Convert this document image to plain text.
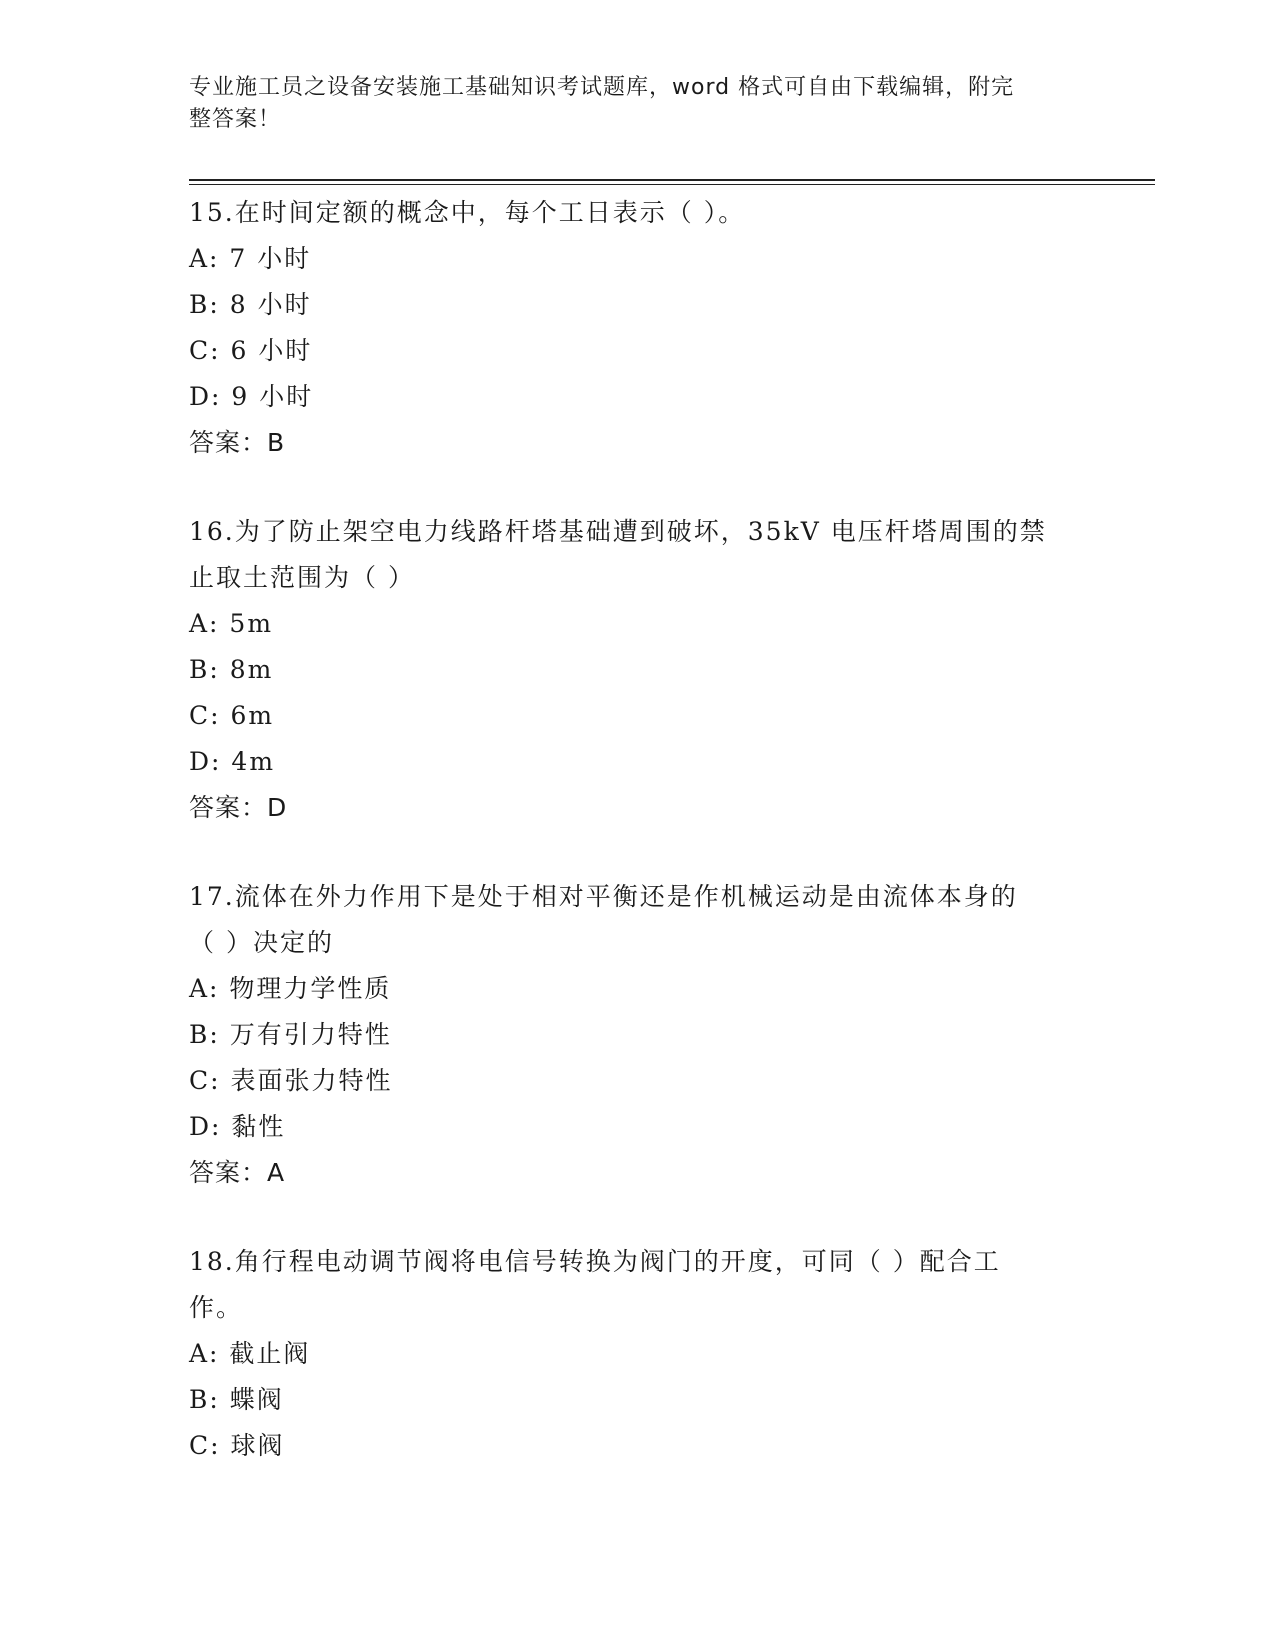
专业施工员之设备安装施工基础知识考试题库，word 格式可自由下载编辑，附完
整答案！
15.在时间定额的概念中，每个工日表示（ ）。
A: 7 小时
B: 8 小时
C: 6 小时
D: 9 小时
答案：B
16.为了防止架空电力线路杆塔基础遭到破坏，35kV 电压杆塔周围的禁
止取土范围为（ ）
A: 5m
B: 8m
C: 6m
D: 4m
答案：D
17.流体在外力作用下是处于相对平衡还是作机械运动是由流体本身的
（ ）决定的
A: 物理力学性质
B: 万有引力特性
C: 表面张力特性
D: 黏性
答案：A
18.角行程电动调节阀将电信号转换为阀门的开度，可同（ ）配合工
作。
A: 截止阀
B: 蝶阀
C: 球阀
